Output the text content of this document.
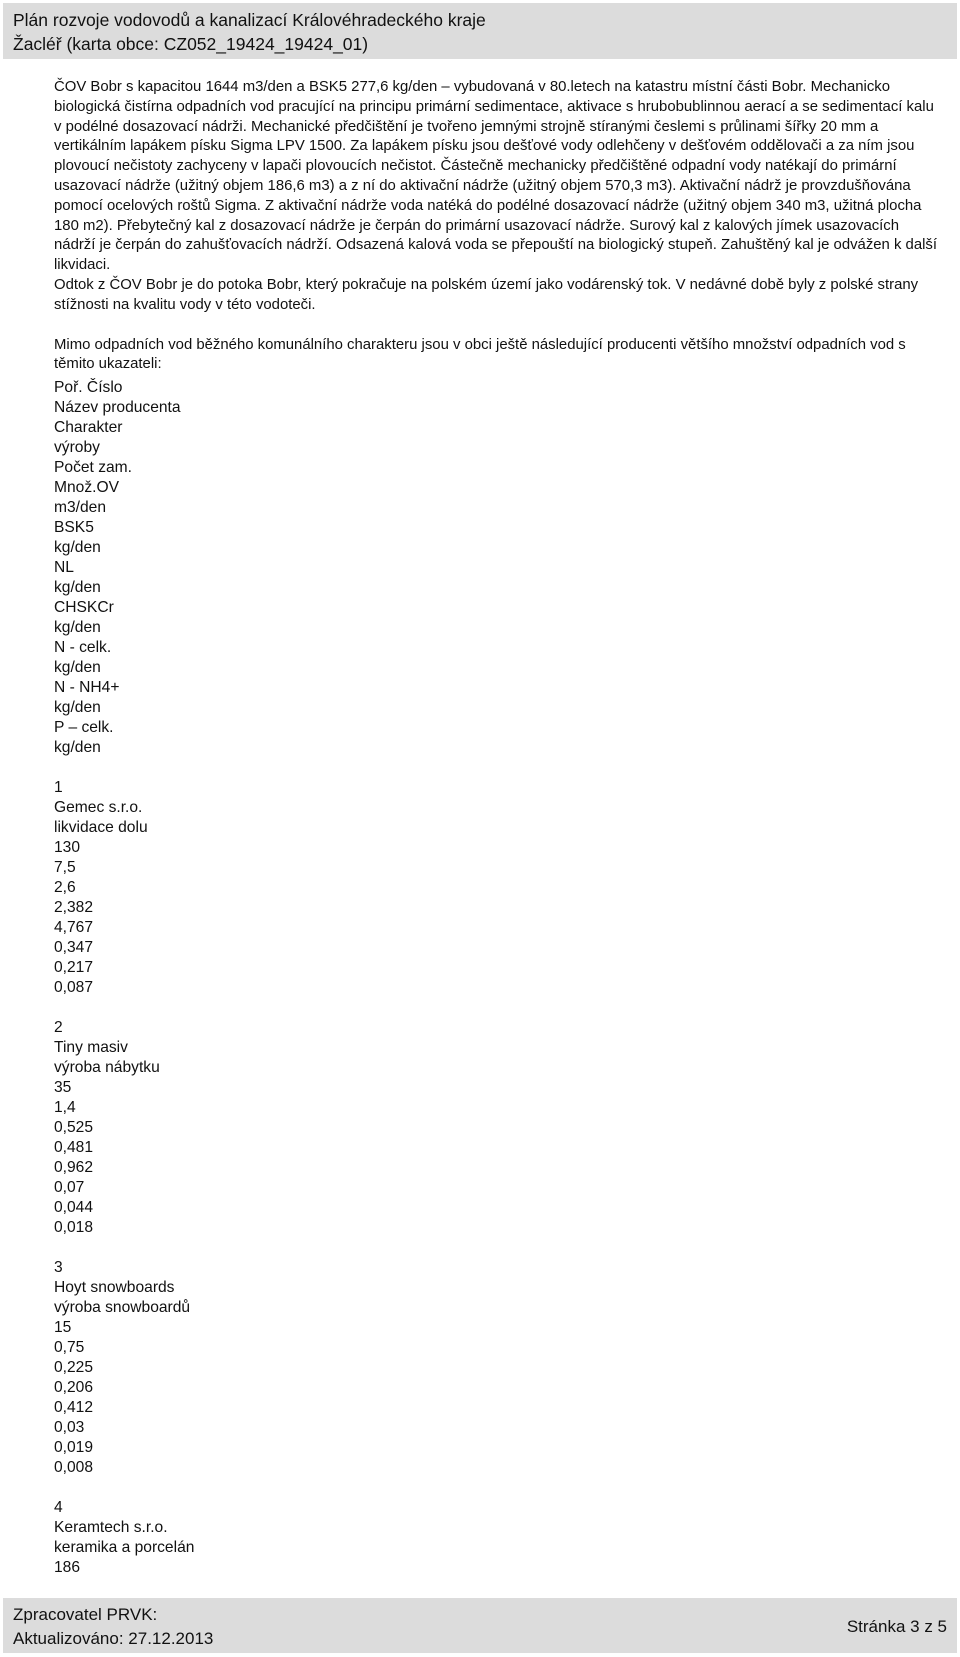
Plán rozvoje vodovodů a kanalizací Královéhradeckého kraje
Žacléř (karta obce: CZ052_19424_19424_01)

ČOV Bobr s kapacitou 1644 m3/den a BSK5 277,6 kg/den – vybudovaná v 80.letech na katastru místní části Bobr. Mechanicko biologická čistírna odpadních vod pracující na principu primární sedimentace, aktivace s hrubobublinnou aerací a se sedimentací kalu v podélné dosazovací nádrži. Mechanické předčištění je tvořeno jemnými strojně stíranými česlemi s průlinami šířky 20 mm a vertikálním lapákem písku Sigma LPV 1500. Za lapákem písku jsou dešťové vody odlehčeny v dešťovém oddělovači a za ním jsou plovoucí nečistoty zachyceny v lapači plovoucích nečistot. Částečně mechanicky předčištěné odpadní vody natékají do primární usazovací nádrže (užitný objem 186,6 m3) a z ní do aktivační nádrže (užitný objem 570,3 m3). Aktivační nádrž je provzdušňována pomocí ocelových roštů Sigma. Z aktivační nádrže voda natéká do podélné dosazovací nádrže (užitný objem 340 m3, užitná plocha 180 m2). Přebytečný kal z dosazovací nádrže je čerpán do primární usazovací nádrže. Surový kal z kalových jímek usazovacích nádrží je čerpán do zahušťovacích nádrží. Odsazená kalová voda se přepouští na biologický stupeň. Zahuštěný kal je odvážen k další likvidaci.

Odtok z ČOV Bobr je do potoka Bobr, který pokračuje na polském území jako vodárenský tok. V nedávné době byly z polské strany stížnosti na kvalitu vody v této vodoteči.

Mimo odpadních vod běžného komunálního charakteru jsou v obci ještě následující producenti většího množství odpadních vod s těmito ukazateli:

Poř. Číslo
Název producenta
Charakter
výroby
Počet zam.
Množ.OV
m3/den
BSK5
kg/den
NL
kg/den
CHSKCr
kg/den
N - celk.
kg/den
N - NH4+
kg/den
P – celk.
kg/den
1
Gemec s.r.o.
likvidace dolu
130
7,5
2,6
2,382
4,767
0,347
0,217
0,087
2
Tiny masiv
výroba nábytku
35
1,4
0,525
0,481
0,962
0,07
0,044
0,018
3
Hoyt snowboards
výroba snowboardů
15
0,75
0,225
0,206
0,412
0,03
0,019
0,008
4
Keramtech s.r.o.
keramika a porcelán
186
Zpracovatel PRVK:
Aktualizováno: 27.12.2013
Stránka 3 z 5
